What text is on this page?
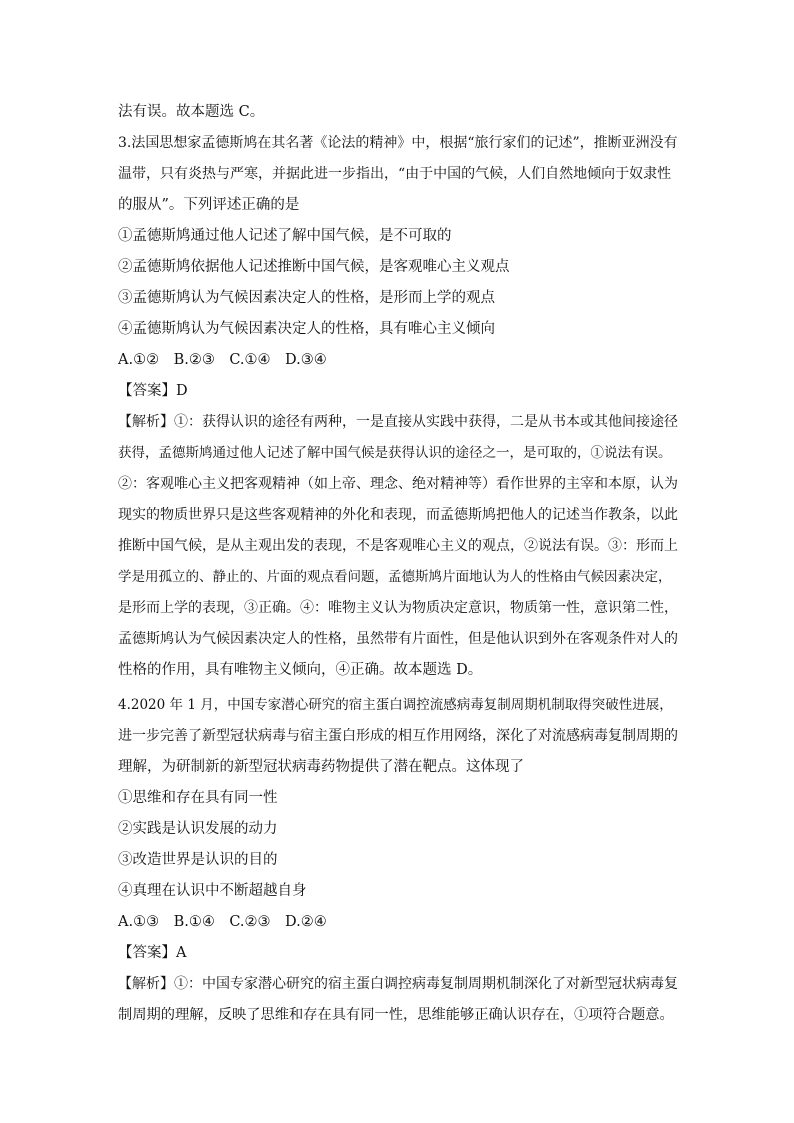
法有误。故本题选 C。
3.法国思想家孟德斯鸠在其名著《论法的精神》中，根据“旅行家们的记述”，推断亚洲没有
温带，只有炎热与严寒，并据此进一步指出，“由于中国的气候，人们自然地倾向于奴隶性
的服从”。下列评述正确的是
①孟德斯鸠通过他人记述了解中国气候，是不可取的
②孟德斯鸠依据他人记述推断中国气候，是客观唯心主义观点
③孟德斯鸠认为气候因素决定人的性格，是形而上学的观点
④孟德斯鸠认为气候因素决定人的性格，具有唯心主义倾向
A.①②　B.②③　C.①④　D.③④
【答案】D
【解析】①：获得认识的途径有两种，一是直接从实践中获得，二是从书本或其他间接途径
获得，孟德斯鸠通过他人记述了解中国气候是获得认识的途径之一，是可取的，①说法有误。
②：客观唯心主义把客观精神（如上帝、理念、绝对精神等）看作世界的主宰和本原，认为
现实的物质世界只是这些客观精神的外化和表现，而孟德斯鸠把他人的记述当作教条，以此
推断中国气候，是从主观出发的表现，不是客观唯心主义的观点，②说法有误。③：形而上
学是用孤立的、静止的、片面的观点看问题，孟德斯鸠片面地认为人的性格由气候因素决定，
是形而上学的表现，③正确。④：唯物主义认为物质决定意识，物质第一性，意识第二性，
孟德斯鸠认为气候因素决定人的性格，虽然带有片面性，但是他认识到外在客观条件对人的
性格的作用，具有唯物主义倾向，④正确。故本题选 D。
4.2020 年 1 月，中国专家潜心研究的宿主蛋白调控流感病毒复制周期机制取得突破性进展，
进一步完善了新型冠状病毒与宿主蛋白形成的相互作用网络，深化了对流感病毒复制周期的
理解，为研制新的新型冠状病毒药物提供了潜在靶点。这体现了
①思维和存在具有同一性
②实践是认识发展的动力
③改造世界是认识的目的
④真理在认识中不断超越自身
A.①③　B.①④　C.②③　D.②④
【答案】A
【解析】①：中国专家潜心研究的宿主蛋白调控病毒复制周期机制深化了对新型冠状病毒复
制周期的理解，反映了思维和存在具有同一性，思维能够正确认识存在，①项符合题意。
